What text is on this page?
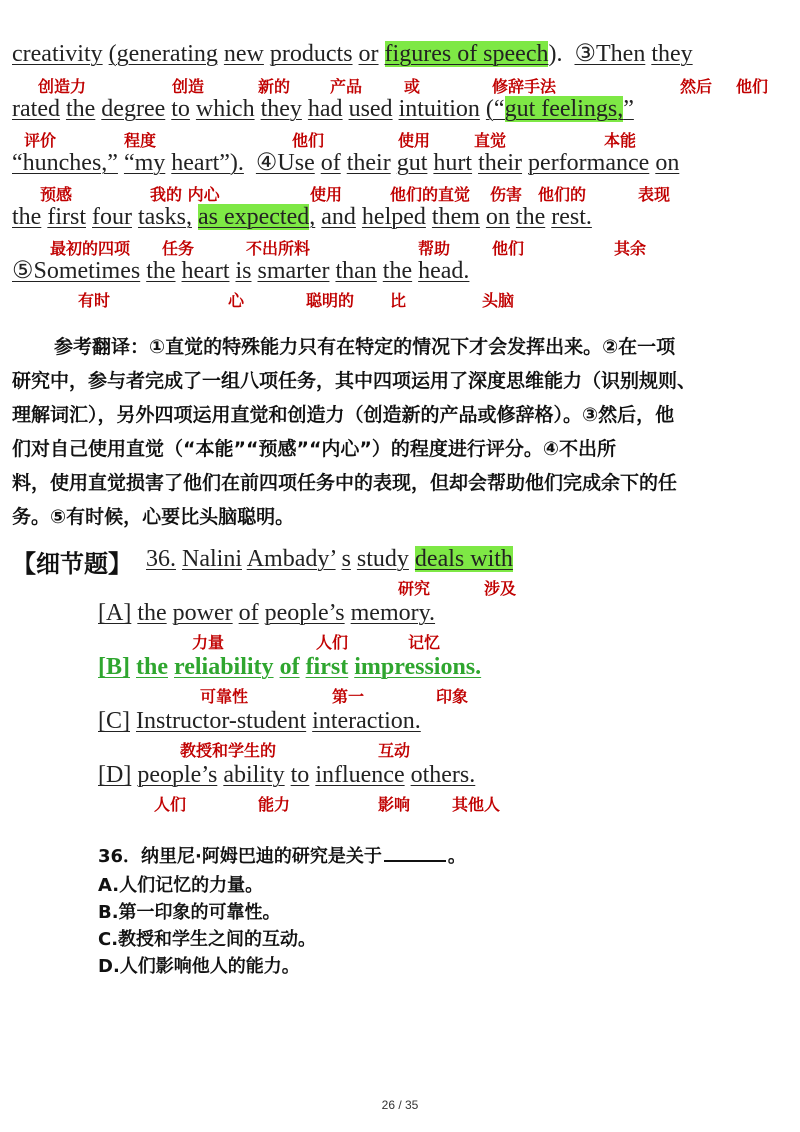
creativity (generating new products or figures of speech). ③Then they
创造力	创造	新的 产品	或	修辞手法	然后 他们
rated the degree to which they had used intuition (“gut feelings,”
评价	程度	他们	使用	直觉	本能
“hunches,” “my heart”). ④Use of their gut hurt their performance on
预感	我的 内心	使用	他们的直觉 伤害 他们的	表现
the first four tasks, as expected, and helped them on the rest.
最初的四项 任务	不出所料	帮助	他们	其余
⑤Sometimes the heart is smarter than the head.
有时	心	聪明的 比	头脑
参考翻译：①直觉的特殊能力只有在特定的情况下才会发挥出来。②在一项
研究中，参与者完成了一组八项任务，其中四项运用了深度思维能力（识别规则、
理解词汇），另外四项运用直觉和创造力（创造新的产品或修辞格）。③然后，他
们对自己使用直觉（“本能”“预感”“内心”）的程度进行评分。④不出所
料，使用直觉损害了他们在前四项任务中的表现，但却会帮助他们完成余下的任
务。⑤有时候，心要比头脑聪明。
【细节题】 36. Nalini Ambady’ s study deals with
研究	涉及
[A] the power of people’s memory.
力量	人们	记忆
[B] the reliability of first impressions.
可靠性	第一	印象
[C] Instructor-student interaction.
教授和学生的	互动
[D] people’s ability to influence others.
人们	能力	影响	其他人
36．纳里尼·阿姆巴迪的研究是关于	。
A.人们记忆的力量。
B.第一印象的可靠性。
C.教授和学生之间的互动。
D.人们影响他人的能力。
26 / 35
